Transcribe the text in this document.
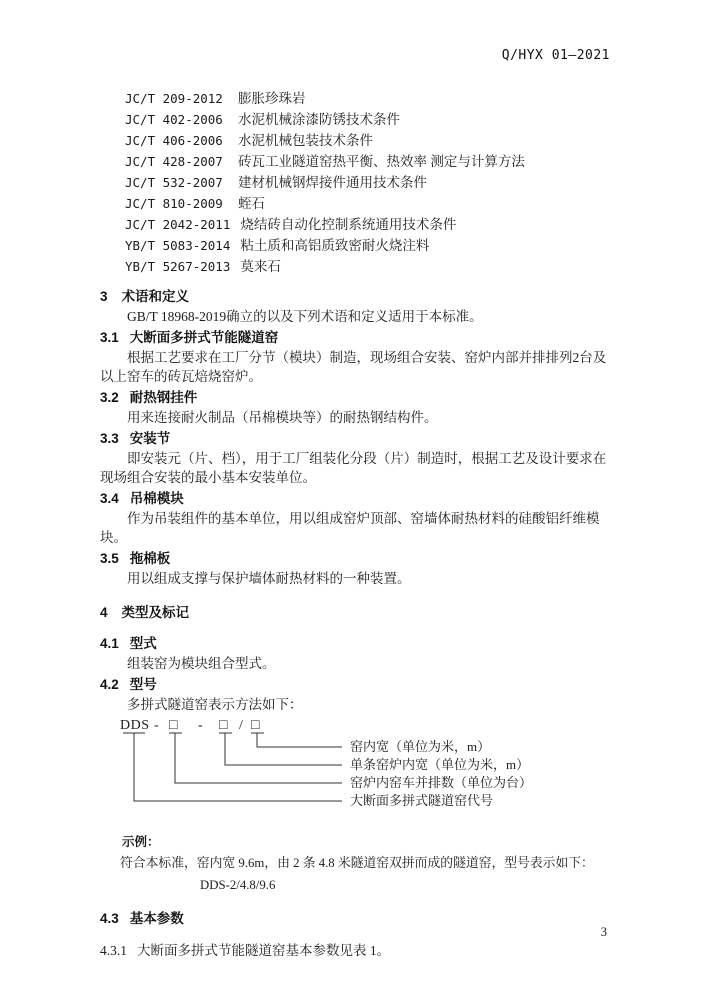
Q/HYX 01—2021
JC/T 209-2012 膨胀珍珠岩
JC/T 402-2006 水泥机械涂漆防锈技术条件
JC/T 406-2006 水泥机械包装技术条件
JC/T 428-2007 砖瓦工业隧道窑热平衡、热效率 测定与计算方法
JC/T 532-2007 建材机械钢焊接件通用技术条件
JC/T 810-2009 蛭石
JC/T 2042-2011 烧结砖自动化控制系统通用技术条件
YB/T 5083-2014 粘土质和高铝质致密耐火烧注料
YB/T 5267-2013 莫来石
3 术语和定义

GB/T 18968-2019确立的以及下列术语和定义适用于本标准。

3.1 大断面多拼式节能隧道窑

根据工艺要求在工厂分节（模块）制造，现场组合安装、窑炉内部并排排列2台及以上窑车的砖瓦焙烧窑炉。

3.2 耐热钢挂件

用来连接耐火制品（吊棉模块等）的耐热钢结构件。

3.3 安装节

即安装元（片、档），用于工厂组装化分段（片）制造时，根据工艺及设计要求在现场组合安装的最小基本安装单位。

3.4 吊棉模块

作为吊装组件的基本单位，用以组成窑炉顶部、窑墙体耐热材料的硅酸铝纤维模块。

3.5 拖棉板

用以组成支撑与保护墙体耐热材料的一种装置。

4 类型及标记
4.1 型式

组装窑为模块组合型式。

4.2 型号

多拼式隧道窑表示方法如下：

DDS - □ - □ / □
窑内宽（单位为米，m）
单条窑炉内宽（单位为米，m）
窑炉内窑车并排数（单位为台）
大断面多拼式隧道窑代号
示例：
符合本标准，窑内宽 9.6m，由 2 条 4.8 米隧道窑双拼而成的隧道窑，型号表示如下：
DDS-2/4.8/9.6
4.3 基本参数
4.3.1 大断面多拼式节能隧道窑基本参数见表 1。
3
